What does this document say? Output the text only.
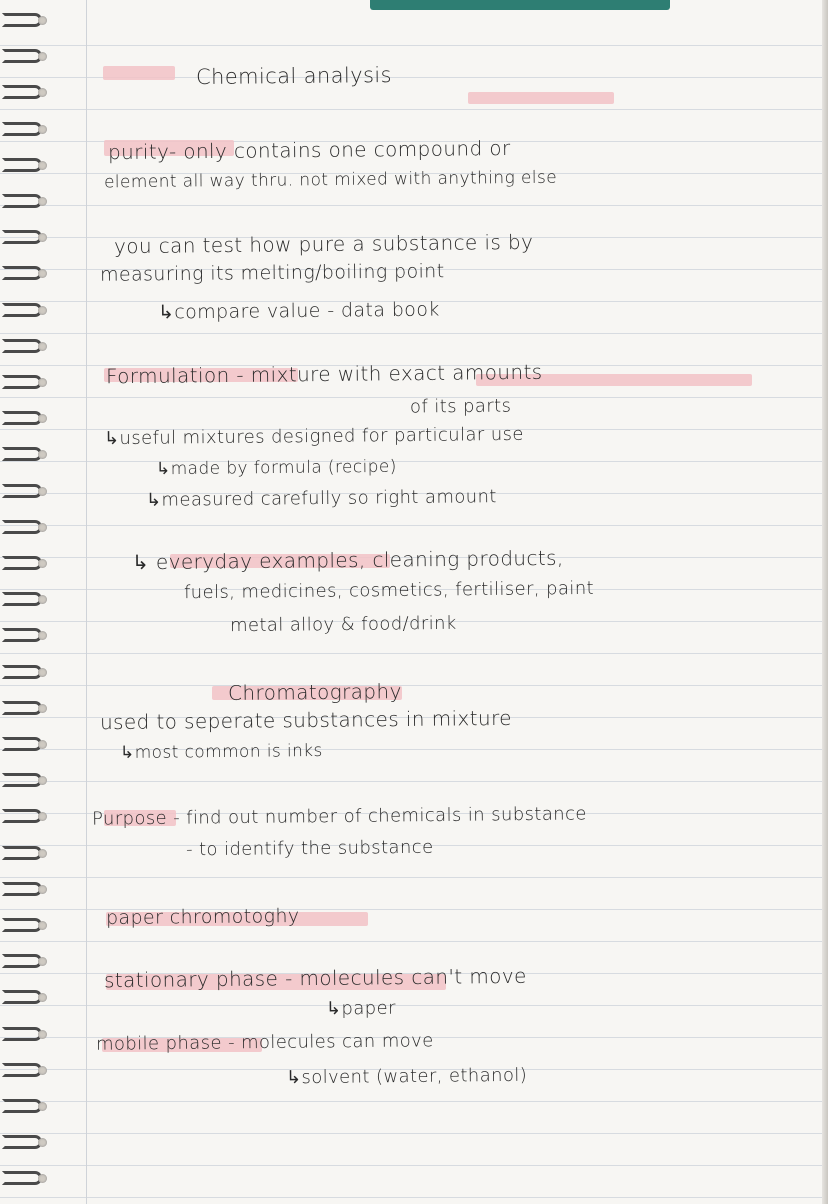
Chemical analysis
purity- only contains one compound or
element all way thru. not mixed with anything else
you can test how pure a substance is by
measuring its melting/boiling point
↳compare value - data book
Formulation - mixture with exact amounts
of its parts
↳useful mixtures designed for particular use
↳made by formula (recipe)
↳measured carefully so right amount
↳ everyday examples, cleaning products,
fuels, medicines, cosmetics, fertiliser, paint
metal alloy & food/drink
Chromatography
used to seperate substances in mixture
↳most common is inks
Purpose - find out number of chemicals in substance
- to identify the substance
paper chromotoghy
stationary phase - molecules can't move
↳paper
mobile phase - molecules can move
↳solvent (water, ethanol)
